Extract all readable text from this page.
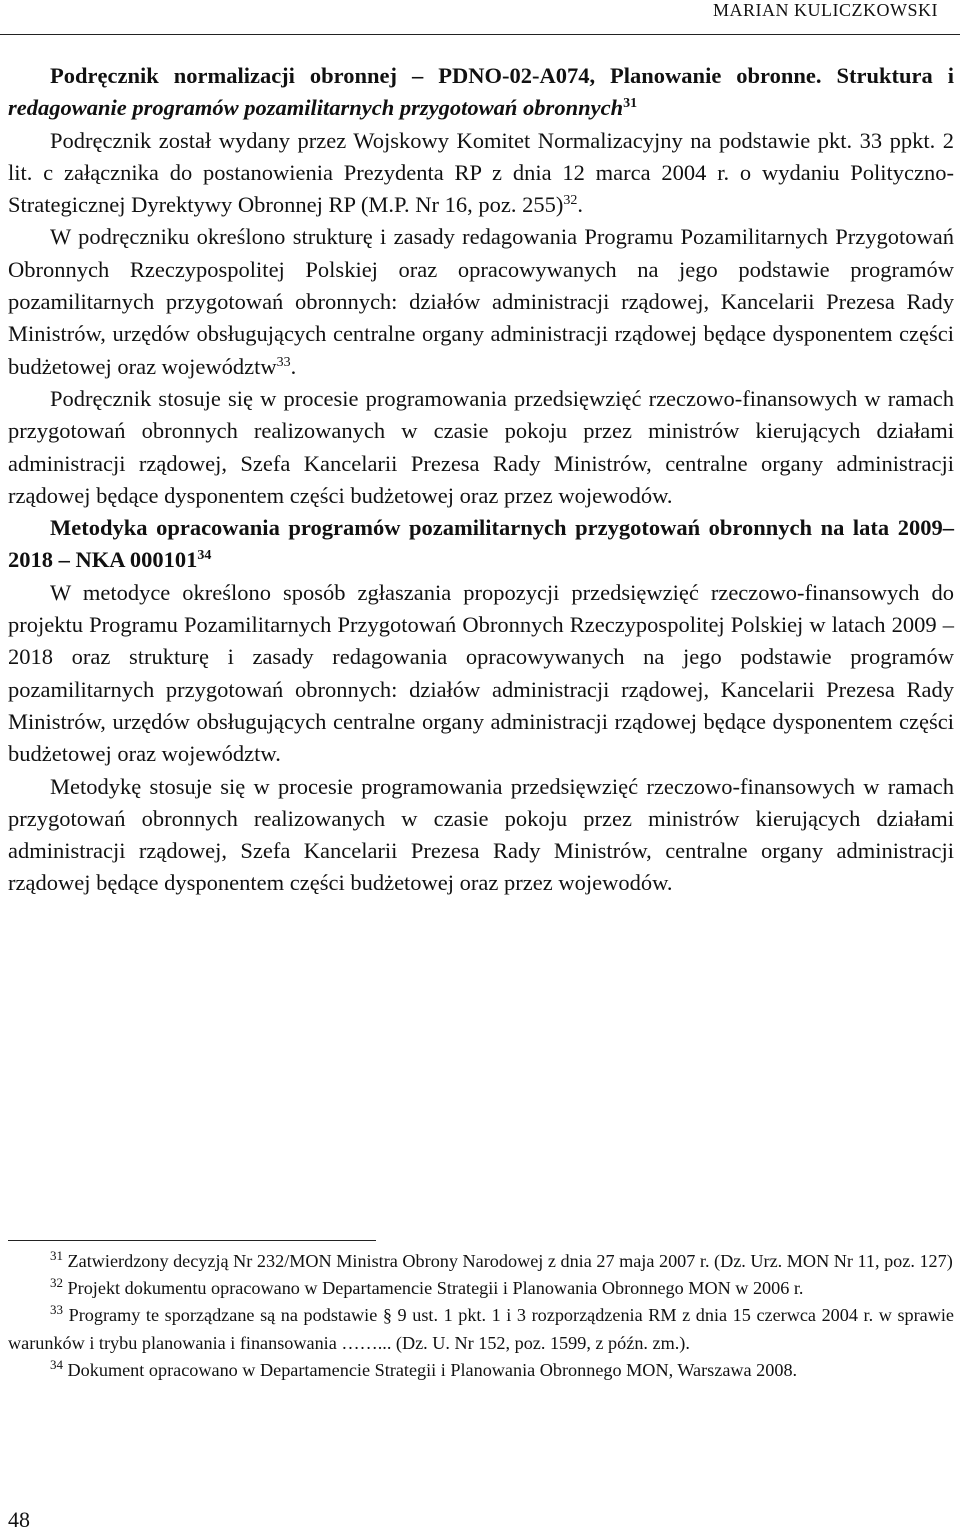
MARIAN KULICZKOWSKI

Podręcznik normalizacji obronnej – PDNO-02-A074, Planowanie obronne. Struktura i redagowanie programów pozamilitarnych przygotowań obronnych$^{31}$

Podręcznik został wydany przez Wojskowy Komitet Normalizacyjny na podstawie pkt. 33 ppkt. 2 lit. c załącznika do postanowienia Prezydenta RP z dnia 12 marca 2004 r. o wydaniu Polityczno-Strategicznej Dyrektywy Obronnej RP (M.P. Nr 16, poz. 255)$^{32}$.

W podręczniku określono strukturę i zasady redagowania Programu Pozamilitarnych Przygotowań Obronnych Rzeczypospolitej Polskiej oraz opracowywanych na jego podstawie programów pozamilitarnych przygotowań obronnych: działów administracji rządowej, Kancelarii Prezesa Rady Ministrów, urzędów obsługujących centralne organy administracji rządowej będące dysponentem części budżetowej oraz województw$^{33}$.

Podręcznik stosuje się w procesie programowania przedsięwzięć rzeczowo-finansowych w ramach przygotowań obronnych realizowanych w czasie pokoju przez ministrów kierujących działami administracji rządowej, Szefa Kancelarii Prezesa Rady Ministrów, centralne organy administracji rządowej będące dysponentem części budżetowej oraz przez wojewodów.

Metodyka opracowania programów pozamilitarnych przygotowań obronnych na lata 2009–2018 – NKA 000101$^{34}$

W metodyce określono sposób zgłaszania propozycji przedsięwzięć rzeczowo-finansowych do projektu Programu Pozamilitarnych Przygotowań Obronnych Rzeczypospolitej Polskiej w latach 2009 – 2018 oraz strukturę i zasady redagowania opracowywanych na jego podstawie programów pozamilitarnych przygotowań obronnych: działów administracji rządowej, Kancelarii Prezesa Rady Ministrów, urzędów obsługujących centralne organy administracji rządowej będące dysponentem części budżetowej oraz województw.

Metodykę stosuje się w procesie programowania przedsięwzięć rzeczowo-finansowych w ramach przygotowań obronnych realizowanych w czasie pokoju przez ministrów kierujących działami administracji rządowej, Szefa Kancelarii Prezesa Rady Ministrów, centralne organy administracji rządowej będące dysponentem części budżetowej oraz przez wojewodów.

$^{31}$ Zatwierdzony decyzją Nr 232/MON Ministra Obrony Narodowej z dnia 27 maja 2007 r. (Dz. Urz. MON Nr 11, poz. 127)

$^{32}$ Projekt dokumentu opracowano w Departamencie Strategii i Planowania Obronnego MON w 2006 r.

$^{33}$ Programy te sporządzane są na podstawie § 9 ust. 1 pkt. 1 i 3 rozporządzenia RM z dnia 15 czerwca 2004 r. w sprawie warunków i trybu planowania i finansowania ……... (Dz. U. Nr 152, poz. 1599, z późn. zm.).

$^{34}$ Dokument opracowano w Departamencie Strategii i Planowania Obronnego MON, Warszawa 2008.

48
